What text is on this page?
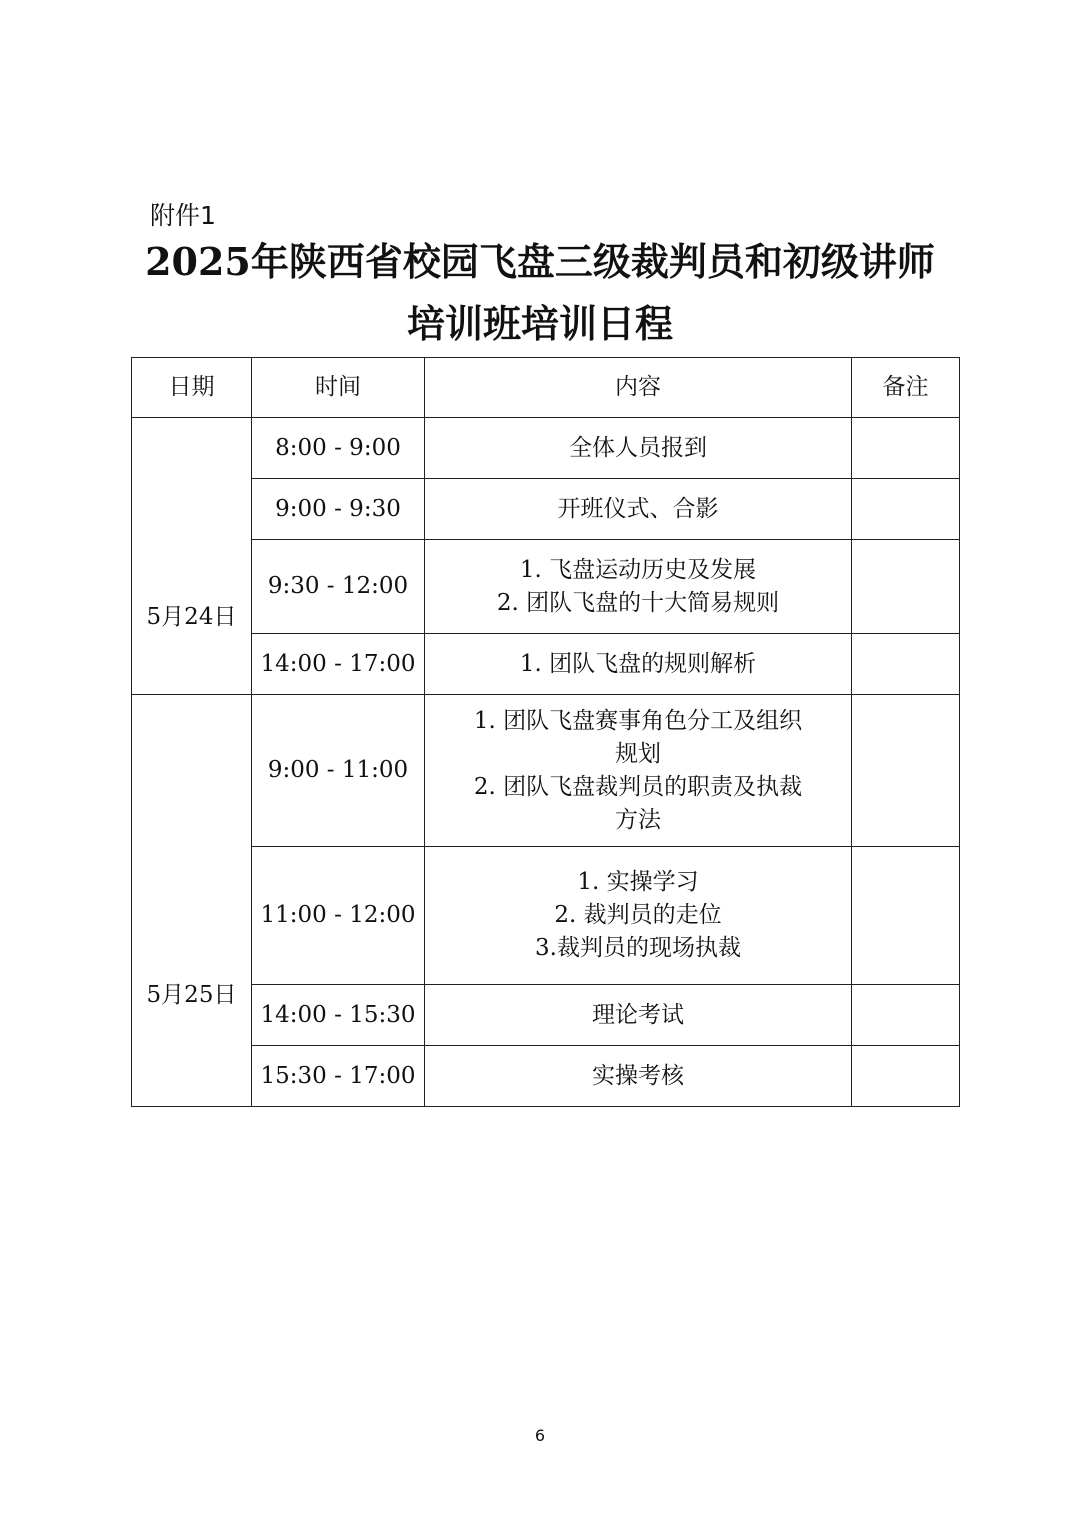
附件1
2025年陕西省校园飞盘三级裁判员和初级讲师
培训班培训日程
日期	时间	内容	备注
5月24日	8:00 - 9:00	全体人员报到	

	9:00 - 9:30	开班仪式、合影	

	9:30 - 12:00	1. 飞盘运动历史及发展
2. 团队飞盘的十大简易规则	

	14:00 - 17:00	1. 团队飞盘的规则解析	

5月25日	9:00 - 11:00	1. 团队飞盘赛事角色分工及组织
规划
2. 团队飞盘裁判员的职责及执裁
方法	

	11:00 - 12:00	1. 实操学习
2. 裁判员的走位
3.裁判员的现场执裁	

	14:00 - 15:30	理论考试	

	15:30 - 17:00	实操考核	

6
